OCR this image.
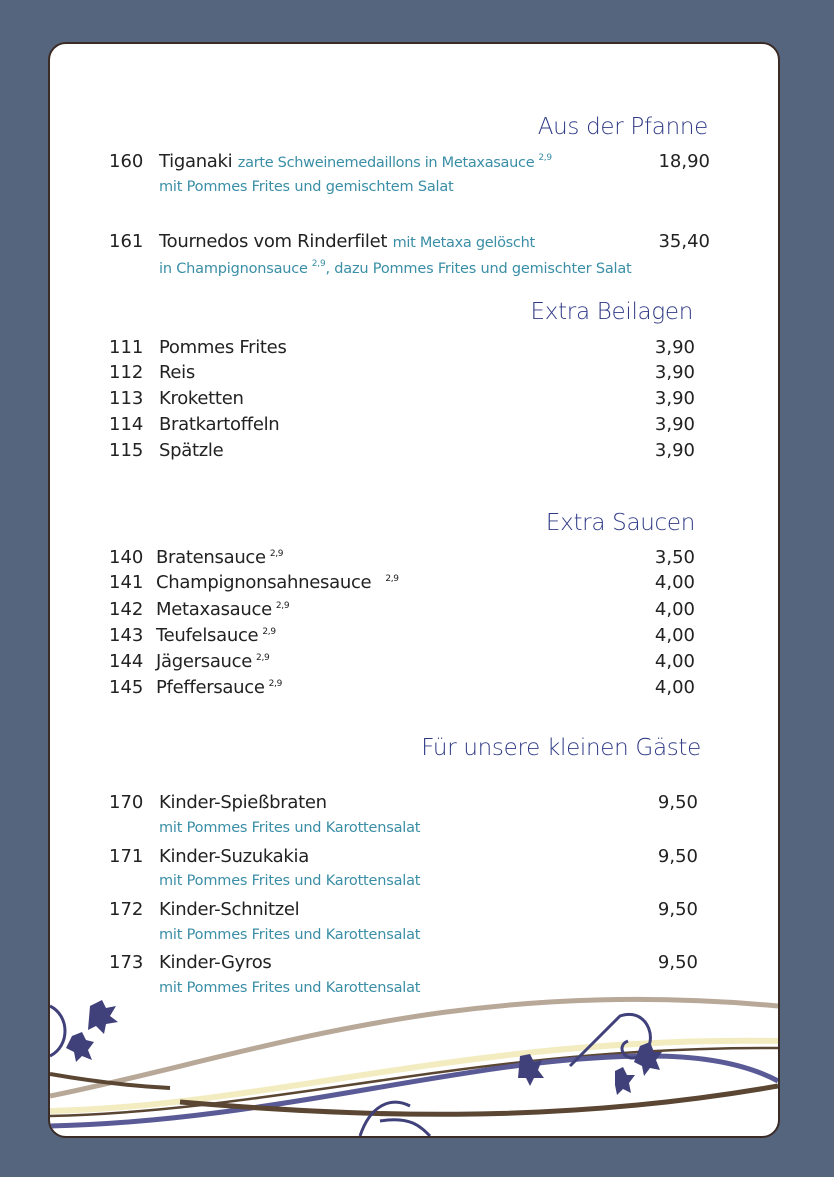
Aus der Pfanne
160 Tiganaki zarte Schweinemedaillons in Metaxasauce $^{2,9}$	18,90
mit Pommes Frites und gemischtem Salat
161 Tournedos vom Rinderfilet mit Metaxa gelöscht	35,40
in Champignonsauce $^{2,9}$, dazu Pommes Frites und gemischter Salat
Extra Beilagen
111 Pommes Frites	3,90
112 Reis	3,90
113 Kroketten	3,90
114 Bratkartoffeln	3,90
115 Spätzle	3,90
Extra Saucen
140 Bratensauce $^{2,9}$	3,50
141 Champignonsahnesauce $^{2,9}$	4,00
142 Metaxasauce $^{2,9}$	4,00
143 Teufelsauce $^{2,9}$	4,00
144 Jägersauce $^{2,9}$	4,00
145 Pfeffersauce $^{2,9}$	4,00
Für unsere kleinen Gäste
170 Kinder-Spießbraten	9,50
mit Pommes Frites und Karottensalat
171 Kinder-Suzukakia	9,50
mit Pommes Frites und Karottensalat
172 Kinder-Schnitzel	9,50
mit Pommes Frites und Karottensalat
173 Kinder-Gyros	9,50
mit Pommes Frites und Karottensalat
